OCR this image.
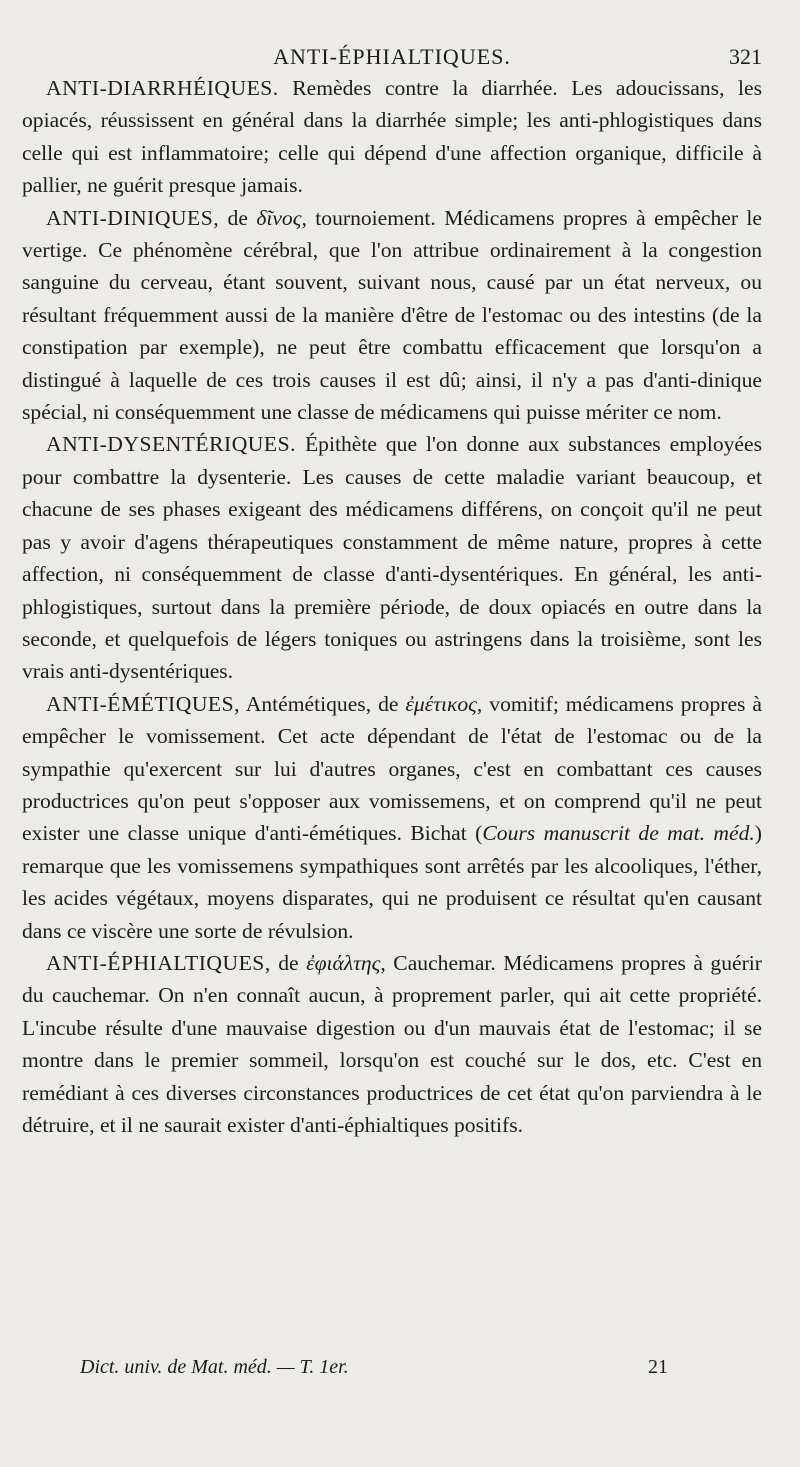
ANTI-ÉPHIALTIQUES.	321

ANTI-DIARRHÉIQUES. Remèdes contre la diarrhée. Les adoucissans, les opiacés, réussissent en général dans la diarrhée simple; les anti-phlogistiques dans celle qui est inflammatoire; celle qui dépend d'une affection organique, difficile à pallier, ne guérit presque jamais.

ANTI-DINIQUES, de δῖνος, tournoiement. Médicamens propres à empêcher le vertige. Ce phénomène cérébral, que l'on attribue ordinairement à la congestion sanguine du cerveau, étant souvent, suivant nous, causé par un état nerveux, ou résultant fréquemment aussi de la manière d'être de l'estomac ou des intestins (de la constipation par exemple), ne peut être combattu efficacement que lorsqu'on a distingué à laquelle de ces trois causes il est dû; ainsi, il n'y a pas d'anti-dinique spécial, ni conséquemment une classe de médicamens qui puisse mériter ce nom.

ANTI-DYSENTÉRIQUES. Épithète que l'on donne aux substances employées pour combattre la dysenterie. Les causes de cette maladie variant beaucoup, et chacune de ses phases exigeant des médicamens différens, on conçoit qu'il ne peut pas y avoir d'agens thérapeutiques constamment de même nature, propres à cette affection, ni conséquemment de classe d'anti-dysentériques. En général, les anti-phlogistiques, surtout dans la première période, de doux opiacés en outre dans la seconde, et quelquefois de légers toniques ou astringens dans la troisième, sont les vrais anti-dysentériques.

ANTI-ÉMÉTIQUES, Antémétiques, de ἐμέτικος, vomitif; médicamens propres à empêcher le vomissement. Cet acte dépendant de l'état de l'estomac ou de la sympathie qu'exercent sur lui d'autres organes, c'est en combattant ces causes productrices qu'on peut s'opposer aux vomissemens, et on comprend qu'il ne peut exister une classe unique d'anti-émétiques. Bichat (Cours manuscrit de mat. méd.) remarque que les vomissemens sympathiques sont arrêtés par les alcooliques, l'éther, les acides végétaux, moyens disparates, qui ne produisent ce résultat qu'en causant dans ce viscère une sorte de révulsion.

ANTI-ÉPHIALTIQUES, de ἐφιάλτης, Cauchemar. Médicamens propres à guérir du cauchemar. On n'en connaît aucun, à proprement parler, qui ait cette propriété. L'incube résulte d'une mauvaise digestion ou d'un mauvais état de l'estomac; il se montre dans le premier sommeil, lorsqu'on est couché sur le dos, etc. C'est en remédiant à ces diverses circonstances productrices de cet état qu'on parviendra à le détruire, et il ne saurait exister d'anti-éphialtiques positifs.

Dict. univ. de Mat. méd. — T. 1er.	21
